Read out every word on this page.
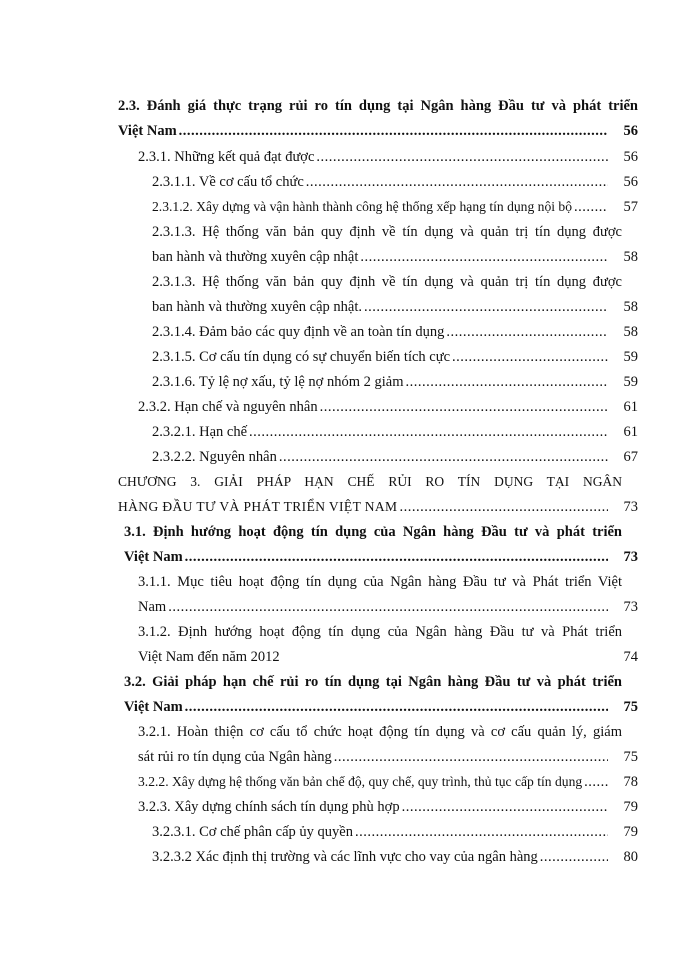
2.3. Đánh giá thực trạng rủi ro tín dụng tại Ngân hàng Đầu tư và phát triển
Việt Nam .....	56
2.3.1. Những kết quả đạt được .....	56
2.3.1.1. Về cơ cấu tổ chức .....	56
2.3.1.2. Xây dựng và vận hành thành công hệ thống xếp hạng tín dụng nội bộ .....	57
2.3.1.3. Hệ thống văn bản quy định về tín dụng và quản trị tín dụng được
ban hành và thường xuyên cập nhật .....	58
2.3.1.3. Hệ thống văn bản quy định về tín dụng và quản trị tín dụng được
ban hành và thường xuyên cập nhật. .....	58
2.3.1.4. Đảm bảo các quy định về an toàn tín dụng .....	58
2.3.1.5. Cơ cấu tín dụng có sự chuyển biến tích cực .....	59
2.3.1.6. Tỷ lệ nợ xấu, tỷ lệ nợ nhóm 2 giảm .....	59
2.3.2. Hạn chế và nguyên nhân .....	61
2.3.2.1. Hạn chế .....	61
2.3.2.2. Nguyên nhân .....	67
CHƯƠNG 3. GIẢI PHÁP HẠN CHẾ RỦI RO TÍN DỤNG TẠI NGÂN
HÀNG ĐẦU TƯ VÀ PHÁT TRIỂN VIỆT NAM .....	73
3.1. Định hướng hoạt động tín dụng của Ngân hàng Đầu tư và phát triển
Việt Nam .....	73
3.1.1. Mục tiêu hoạt động tín dụng của Ngân hàng Đầu tư và Phát triển Việt
Nam .....	73
3.1.2. Định hướng hoạt động tín dụng của Ngân hàng Đầu tư và Phát triển
Việt Nam đến năm 2012	74
3.2. Giải pháp hạn chế rủi ro tín dụng tại Ngân hàng Đầu tư và phát triển
Việt Nam .....	75
3.2.1. Hoàn thiện cơ cấu tổ chức hoạt động tín dụng và cơ cấu quản lý, giám
sát rủi ro tín dụng của Ngân hàng .....	75
3.2.2. Xây dựng hệ thống văn bản chế độ, quy chế, quy trình, thủ tục cấp tín dụng .....	78
3.2.3. Xây dựng chính sách tín dụng phù hợp .....	79
3.2.3.1. Cơ chế phân cấp ủy quyền .....	79
3.2.3.2 Xác định thị trường và các lĩnh vực cho vay của ngân hàng .....	80
